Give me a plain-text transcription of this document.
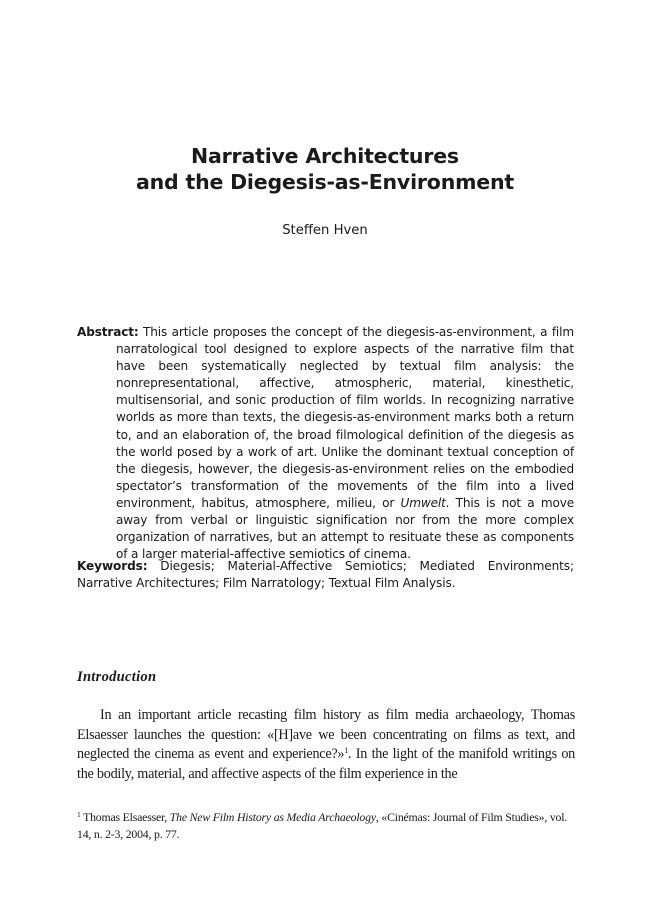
Narrative Architectures
and the Diegesis-as-Environment
Steffen Hven

Abstract: This article proposes the concept of the diegesis-as-environment, a film narratological tool designed to explore aspects of the narrative film that have been systematically neglected by textual film analysis: the nonrepresentational, affective, atmospheric, material, kinesthetic, multisensorial, and sonic production of film worlds. In recognizing narrative worlds as more than texts, the diegesis-as-environment marks both a return to, and an elaboration of, the broad filmological definition of the diegesis as the world posed by a work of art. Unlike the dominant textual conception of the diegesis, however, the diegesis-as-environment relies on the embodied spectator’s transformation of the movements of the film into a lived environment, habitus, atmosphere, milieu, or Umwelt. This is not a move away from verbal or linguistic signification nor from the more complex organization of narratives, but an attempt to resituate these as components of a larger material-affective semiotics of cinema.

Keywords: Diegesis; Material-Affective Semiotics; Mediated Environments; Narrative Architectures; Film Narratology; Textual Film Analysis.

Introduction

In an important article recasting film history as film media archaeology, Thomas Elsaesser launches the question: «[H]ave we been concentrating on films as text, and neglected the cinema as event and experience?»$^1$. In the light of the manifold writings on the bodily, material, and affective aspects of the film experience in the

$^1$ Thomas Elsaesser, The New Film History as Media Archaeology, «Cinémas: Journal of Film Studies», vol. 14, n. 2-3, 2004, p. 77.
